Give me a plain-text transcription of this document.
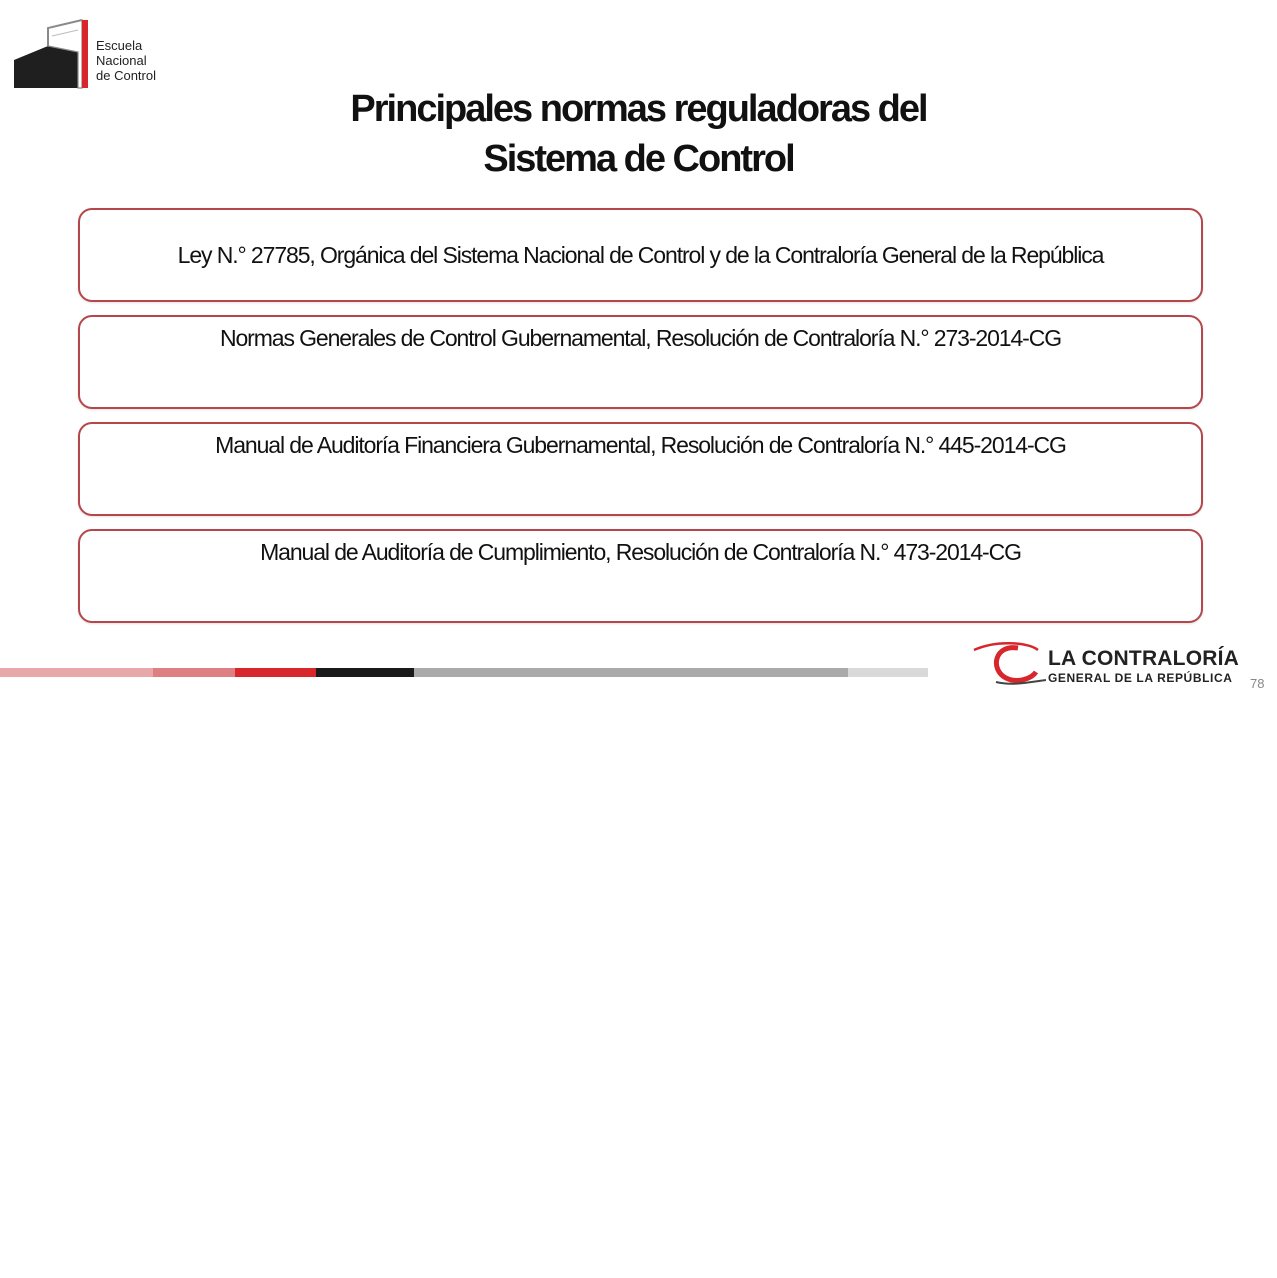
Escuela
Nacional
de Control
Principales normas reguladoras del
Sistema de Control
Ley N.° 27785, Orgánica del Sistema Nacional de Control y de la Contraloría General de la República
Normas Generales de Control Gubernamental, Resolución de Contraloría N.° 273-2014-CG
Manual de Auditoría Financiera Gubernamental, Resolución de Contraloría N.° 445-2014-CG
Manual de Auditoría de Cumplimiento, Resolución de Contraloría N.° 473-2014-CG
LA CONTRALORÍA
GENERAL DE LA REPÚBLICA 78
